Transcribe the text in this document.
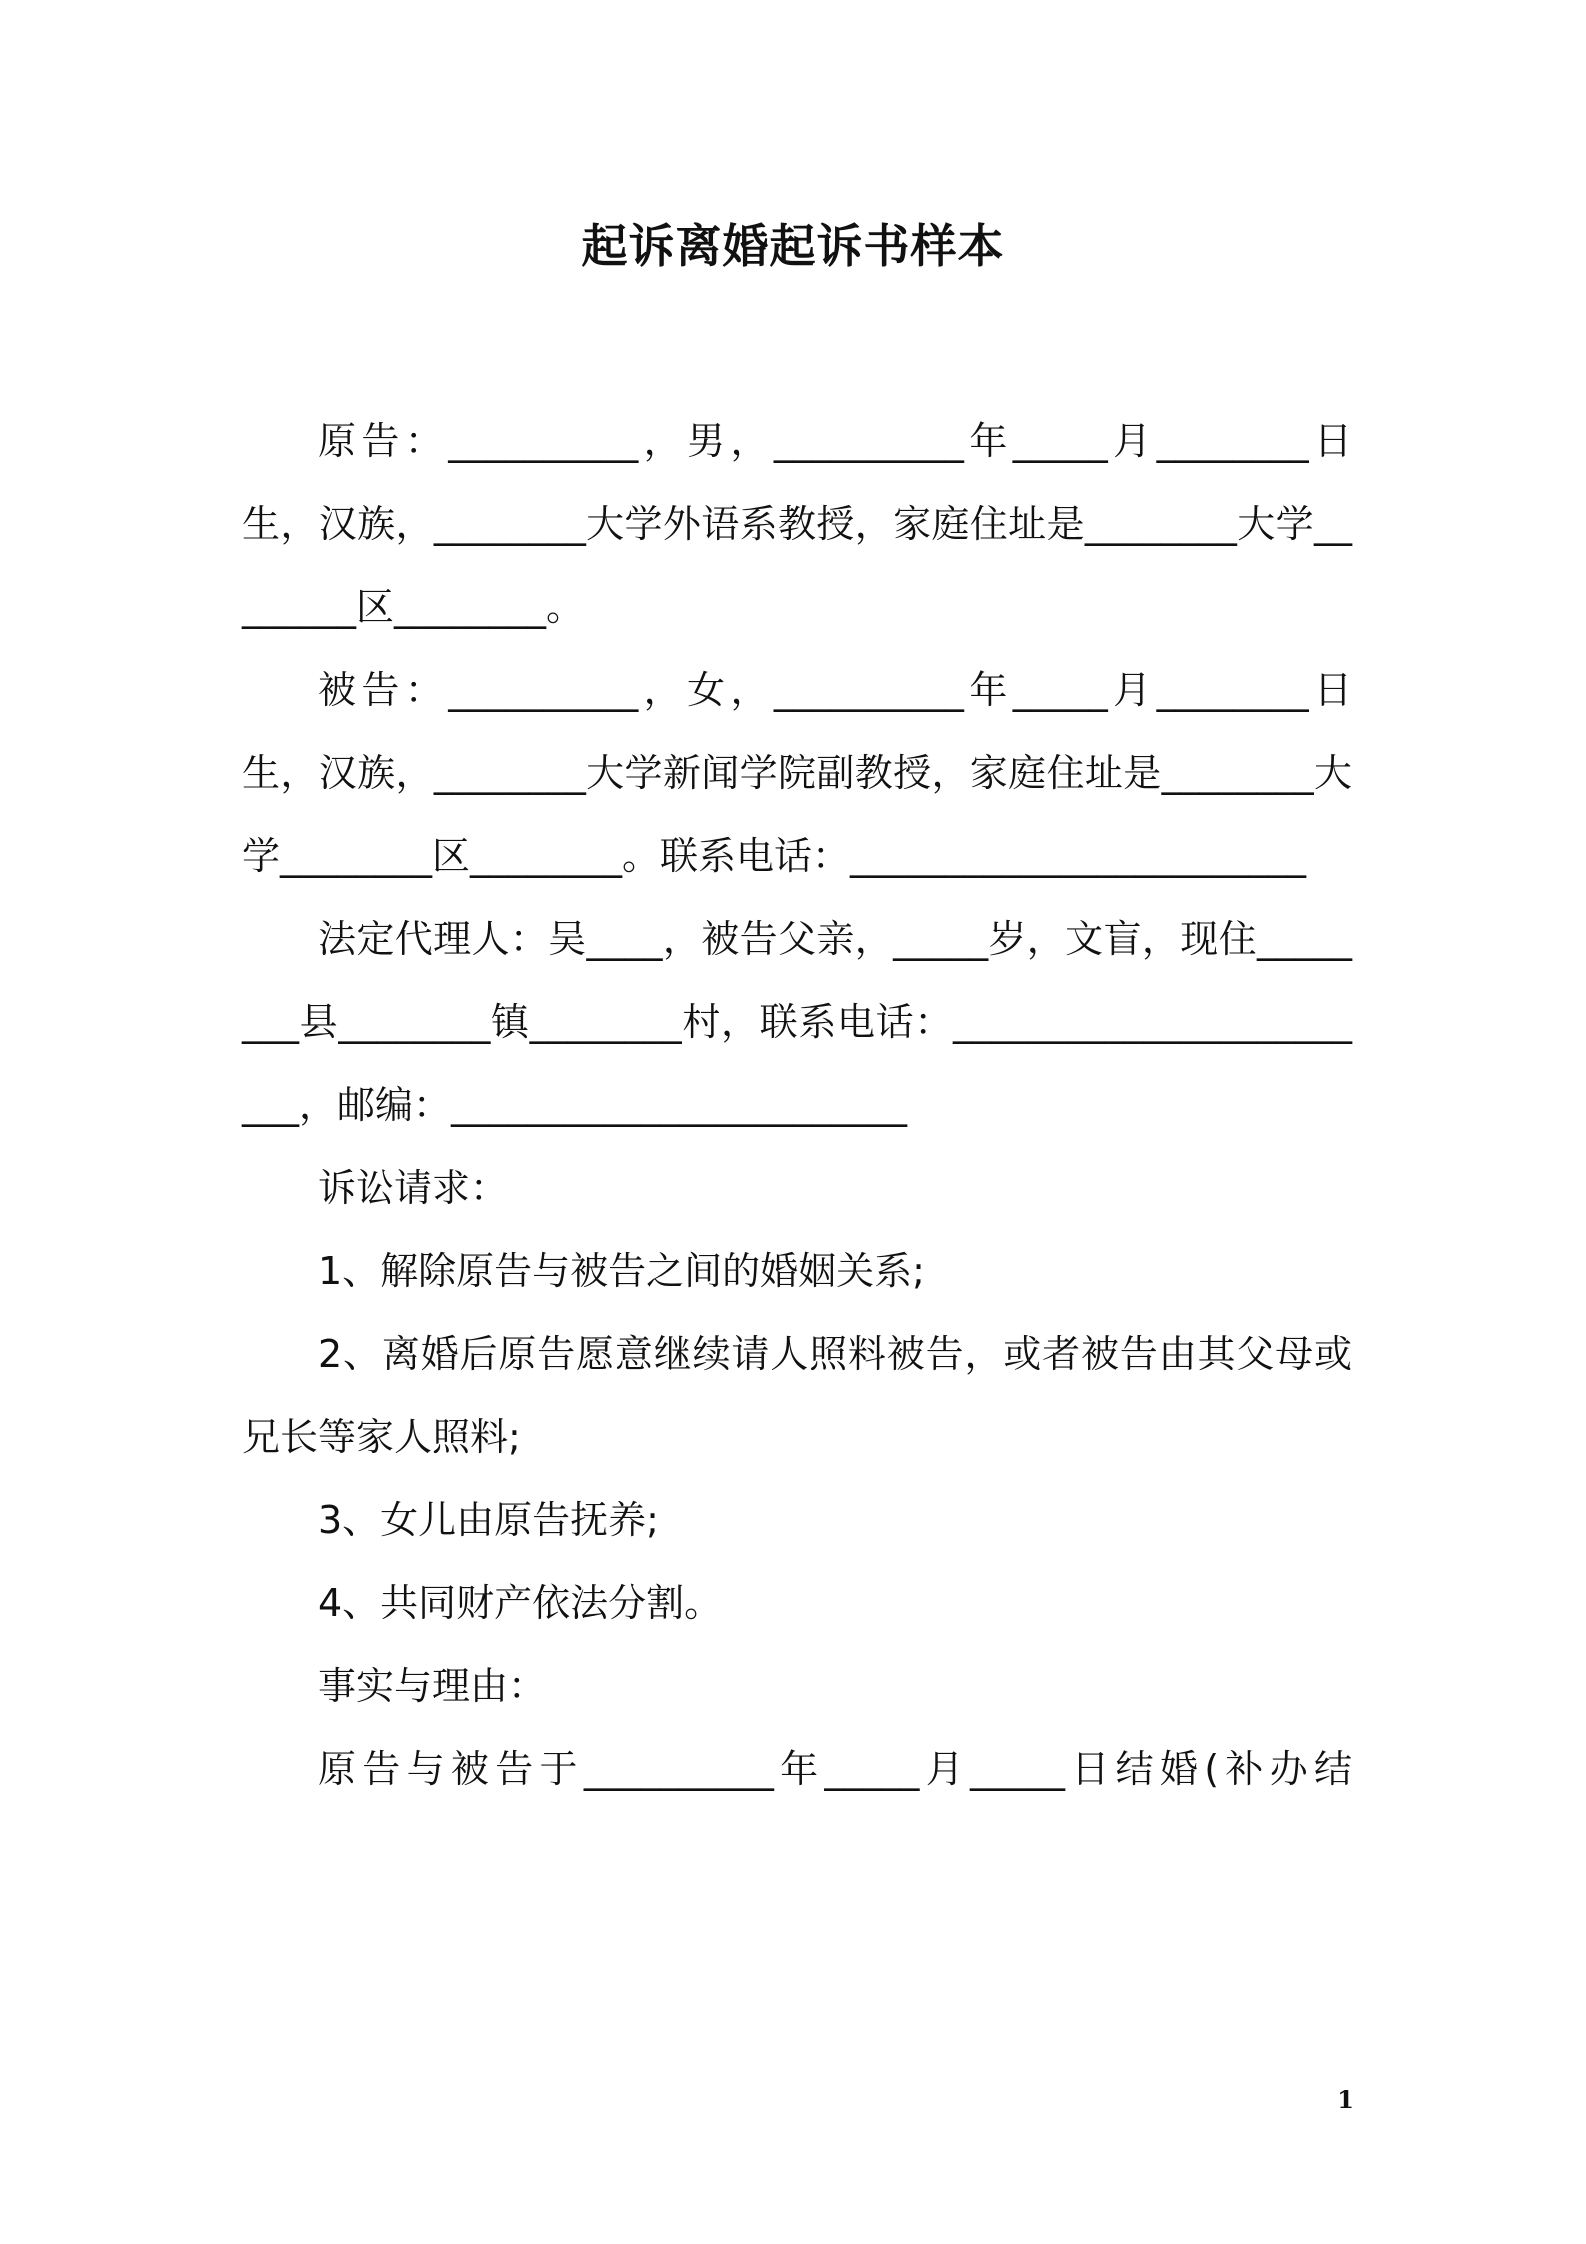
起诉离婚起诉书样本

原告：__________，男，__________年_____月________日生，汉族，________大学外语系教授，家庭住址是________大学________区________。

被告：__________，女，__________年_____月________日生，汉族，________大学新闻学院副教授，家庭住址是________大学________区________。联系电话：________________________

法定代理人：吴____，被告父亲，_____岁，文盲，现住________县________镇________村，联系电话：________________________，邮编：________________________

诉讼请求：

1、解除原告与被告之间的婚姻关系;

2、离婚后原告愿意继续请人照料被告，或者被告由其父母或兄长等家人照料;

3、女儿由原告抚养;

4、共同财产依法分割。

事实与理由：

原告与被告于__________年_____月_____日结婚(补办结

1
